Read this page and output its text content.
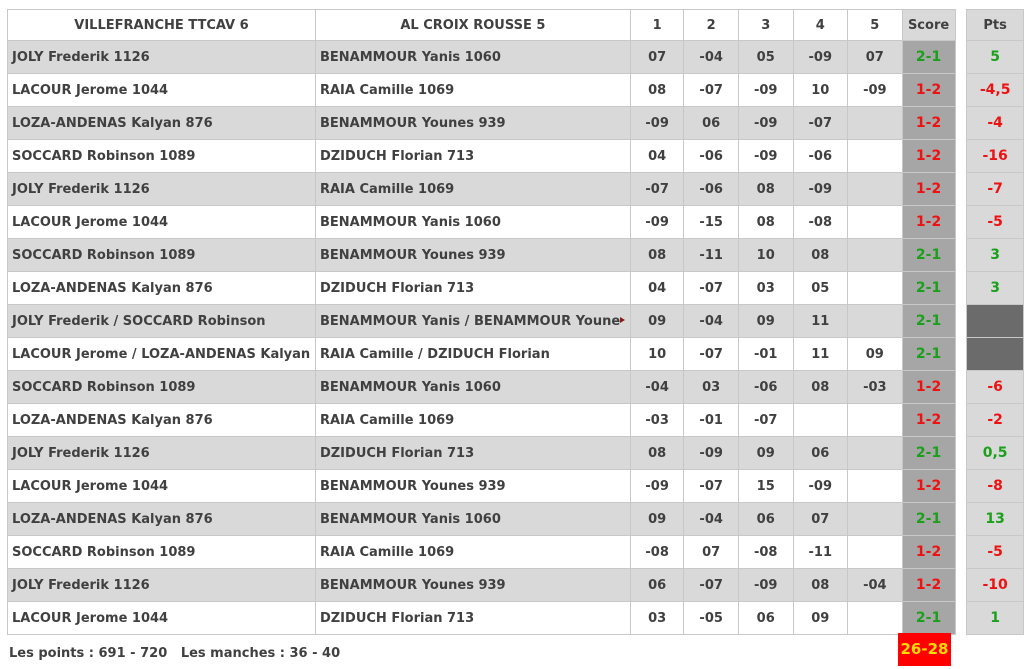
VILLEFRANCHE TTCAV 6	AL CROIX ROUSSE 5	1	2	3	4	5	Score		Pts
JOLY Frederik 1126	BENAMMOUR Yanis 1060	07	-04	05	-09	07	2-1		5
LACOUR Jerome 1044	RAIA Camille 1069	08	-07	-09	10	-09	1-2		-4,5
LOZA-ANDENAS Kalyan 876	BENAMMOUR Younes 939	-09	06	-09	-07		1-2		-4
SOCCARD Robinson 1089	DZIDUCH Florian 713	04	-06	-09	-06		1-2		-16
JOLY Frederik 1126	RAIA Camille 1069	-07	-06	08	-09		1-2		-7
LACOUR Jerome 1044	BENAMMOUR Yanis 1060	-09	-15	08	-08		1-2		-5
SOCCARD Robinson 1089	BENAMMOUR Younes 939	08	-11	10	08		2-1		3
LOZA-ANDENAS Kalyan 876	DZIDUCH Florian 713	04	-07	03	05		2-1		3
JOLY Frederik / SOCCARD Robinson	BENAMMOUR Yanis / BENAMMOUR Youne	09	-04	09	11		2-1		
LACOUR Jerome / LOZA-ANDENAS Kalyan	RAIA Camille / DZIDUCH Florian	10	-07	-01	11	09	2-1		
SOCCARD Robinson 1089	BENAMMOUR Yanis 1060	-04	03	-06	08	-03	1-2		-6
LOZA-ANDENAS Kalyan 876	RAIA Camille 1069	-03	-01	-07			1-2		-2
JOLY Frederik 1126	DZIDUCH Florian 713	08	-09	09	06		2-1		0,5
LACOUR Jerome 1044	BENAMMOUR Younes 939	-09	-07	15	-09		1-2		-8
LOZA-ANDENAS Kalyan 876	BENAMMOUR Yanis 1060	09	-04	06	07		2-1		13
SOCCARD Robinson 1089	RAIA Camille 1069	-08	07	-08	-11		1-2		-5
JOLY Frederik 1126	BENAMMOUR Younes 939	06	-07	-09	08	-04	1-2		-10
LACOUR Jerome 1044	DZIDUCH Florian 713	03	-05	06	09		2-1		1
Les points : 691 - 720 Les manches : 36 - 40	26-28
